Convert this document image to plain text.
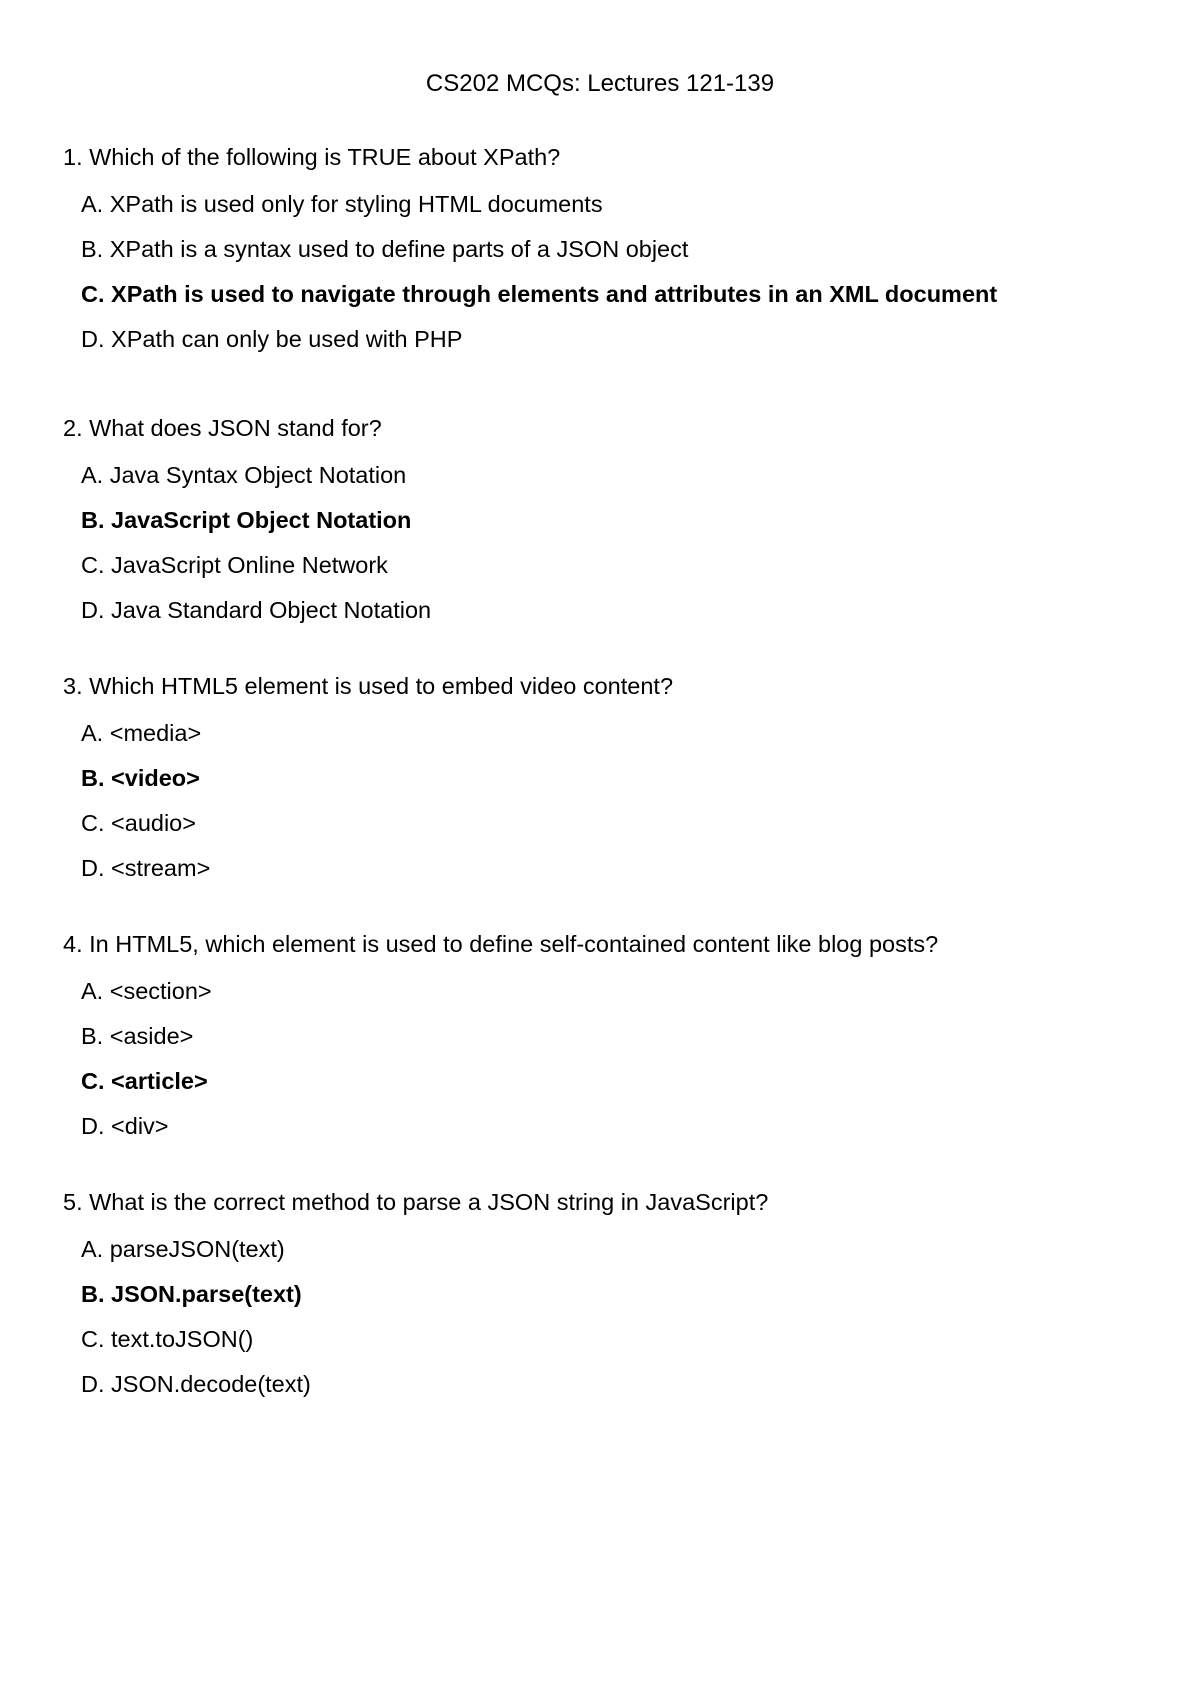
CS202 MCQs: Lectures 121-139

1. Which of the following is TRUE about XPath?

A. XPath is used only for styling HTML documents

B. XPath is a syntax used to define parts of a JSON object

C. XPath is used to navigate through elements and attributes in an XML document

D. XPath can only be used with PHP

2. What does JSON stand for?

A. Java Syntax Object Notation

B. JavaScript Object Notation

C. JavaScript Online Network

D. Java Standard Object Notation

3. Which HTML5 element is used to embed video content?

A. <media>

B. <video>

C. <audio>

D. <stream>

4. In HTML5, which element is used to define self-contained content like blog posts?

A. <section>

B. <aside>

C. <article>

D. <div>

5. What is the correct method to parse a JSON string in JavaScript?

A. parseJSON(text)

B. JSON.parse(text)

C. text.toJSON()

D. JSON.decode(text)
